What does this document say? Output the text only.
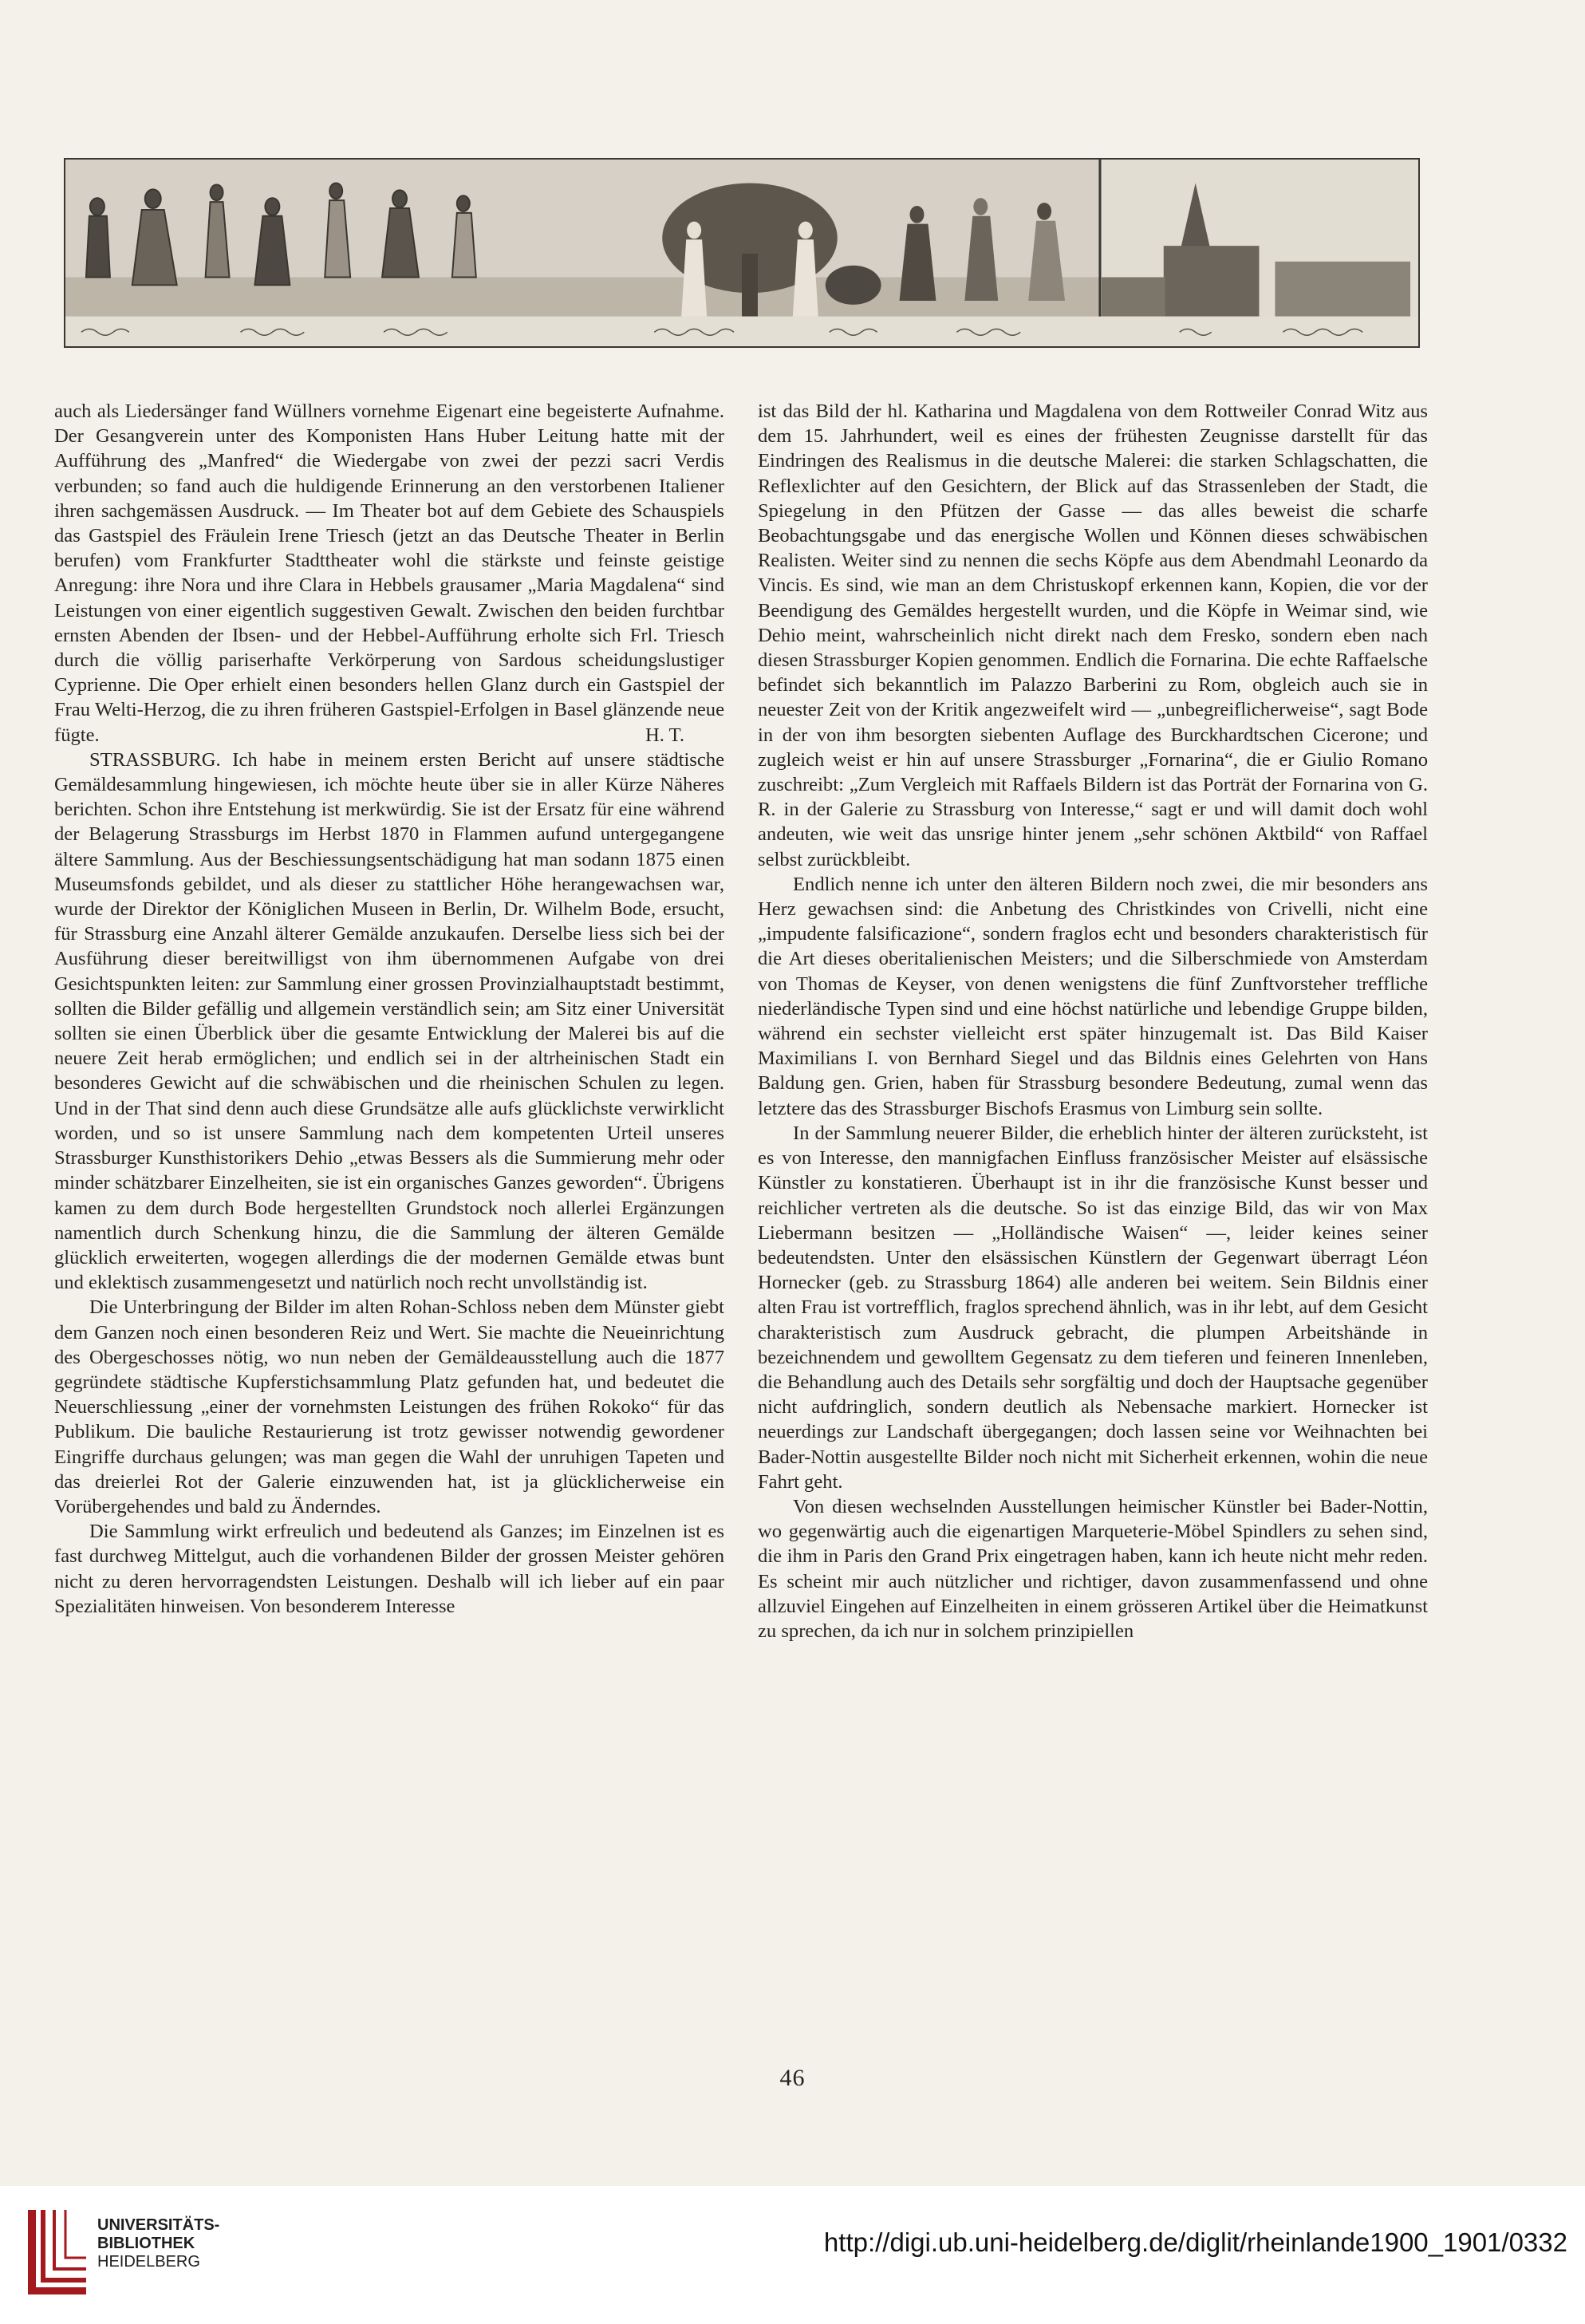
auch als Liedersänger fand Wüllners vornehme Eigenart eine begeisterte Aufnahme. Der Gesangverein unter des Komponisten Hans Huber Leitung hatte mit der Aufführung des „Manfred“ die Wiedergabe von zwei der pezzi sacri Verdis verbunden; so fand auch die huldigende Erinnerung an den verstorbenen Italiener ihren sachgemässen Ausdruck. — Im Theater bot auf dem Gebiete des Schauspiels das Gastspiel des Fräulein Irene Triesch (jetzt an das Deutsche Theater in Berlin berufen) vom Frankfurter Stadttheater wohl die stärkste und feinste geistige Anregung: ihre Nora und ihre Clara in Hebbels grausamer „Maria Magdalena“ sind Leistungen von einer eigentlich suggestiven Gewalt. Zwischen den beiden furchtbar ernsten Abenden der Ibsen- und der Hebbel-Aufführung erholte sich Frl. Triesch durch die völlig pariserhafte Verkörperung von Sardous scheidungslustiger Cyprienne. Die Oper erhielt einen besonders hellen Glanz durch ein Gastspiel der Frau Welti-Herzog, die zu ihren früheren Gastspiel-Erfolgen in Basel glänzende neue fügte.	H. T.

STRASSBURG. Ich habe in meinem ersten Bericht auf unsere städtische Gemäldesammlung hingewiesen, ich möchte heute über sie in aller Kürze Näheres berichten. Schon ihre Entstehung ist merkwürdig. Sie ist der Ersatz für eine während der Belagerung Strassburgs im Herbst 1870 in Flammen aufund untergegangene ältere Sammlung. Aus der Beschiessungsentschädigung hat man sodann 1875 einen Museumsfonds gebildet, und als dieser zu stattlicher Höhe herangewachsen war, wurde der Direktor der Königlichen Museen in Berlin, Dr. Wilhelm Bode, ersucht, für Strassburg eine Anzahl älterer Gemälde anzukaufen. Derselbe liess sich bei der Ausführung dieser bereitwilligst von ihm übernommenen Aufgabe von drei Gesichtspunkten leiten: zur Sammlung einer grossen Provinzialhauptstadt bestimmt, sollten die Bilder gefällig und allgemein verständlich sein; am Sitz einer Universität sollten sie einen Überblick über die gesamte Entwicklung der Malerei bis auf die neuere Zeit herab ermöglichen; und endlich sei in der altrheinischen Stadt ein besonderes Gewicht auf die schwäbischen und die rheinischen Schulen zu legen. Und in der That sind denn auch diese Grundsätze alle aufs glücklichste verwirklicht worden, und so ist unsere Sammlung nach dem kompetenten Urteil unseres Strassburger Kunsthistorikers Dehio „etwas Bessers als die Summierung mehr oder minder schätzbarer Einzelheiten, sie ist ein organisches Ganzes geworden“. Übrigens kamen zu dem durch Bode hergestellten Grundstock noch allerlei Ergänzungen namentlich durch Schenkung hinzu, die die Sammlung der älteren Gemälde glücklich erweiterten, wogegen allerdings die der modernen Gemälde etwas bunt und eklektisch zusammengesetzt und natürlich noch recht unvollständig ist.

Die Unterbringung der Bilder im alten Rohan-Schloss neben dem Münster giebt dem Ganzen noch einen besonderen Reiz und Wert. Sie machte die Neueinrichtung des Obergeschosses nötig, wo nun neben der Gemäldeausstellung auch die 1877 gegründete städtische Kupferstichsammlung Platz gefunden hat, und bedeutet die Neuerschliessung „einer der vornehmsten Leistungen des frühen Rokoko“ für das Publikum. Die bauliche Restaurierung ist trotz gewisser notwendig gewordener Eingriffe durchaus gelungen; was man gegen die Wahl der unruhigen Tapeten und das dreierlei Rot der Galerie einzuwenden hat, ist ja glücklicherweise ein Vorübergehendes und bald zu Änderndes.

Die Sammlung wirkt erfreulich und bedeutend als Ganzes; im Einzelnen ist es fast durchweg Mittelgut, auch die vorhandenen Bilder der grossen Meister gehören nicht zu deren hervorragendsten Leistungen. Deshalb will ich lieber auf ein paar Spezialitäten hinweisen. Von besonderem Interesse

ist das Bild der hl. Katharina und Magdalena von dem Rottweiler Conrad Witz aus dem 15. Jahrhundert, weil es eines der frühesten Zeugnisse darstellt für das Eindringen des Realismus in die deutsche Malerei: die starken Schlagschatten, die Reflexlichter auf den Gesichtern, der Blick auf das Strassenleben der Stadt, die Spiegelung in den Pfützen der Gasse — das alles beweist die scharfe Beobachtungsgabe und das energische Wollen und Können dieses schwäbischen Realisten. Weiter sind zu nennen die sechs Köpfe aus dem Abendmahl Leonardo da Vincis. Es sind, wie man an dem Christuskopf erkennen kann, Kopien, die vor der Beendigung des Gemäldes hergestellt wurden, und die Köpfe in Weimar sind, wie Dehio meint, wahrscheinlich nicht direkt nach dem Fresko, sondern eben nach diesen Strassburger Kopien genommen. Endlich die Fornarina. Die echte Raffaelsche befindet sich bekanntlich im Palazzo Barberini zu Rom, obgleich auch sie in neuester Zeit von der Kritik angezweifelt wird — „unbegreiflicherweise“, sagt Bode in der von ihm besorgten siebenten Auflage des Burckhardtschen Cicerone; und zugleich weist er hin auf unsere Strassburger „Fornarina“, die er Giulio Romano zuschreibt: „Zum Vergleich mit Raffaels Bildern ist das Porträt der Fornarina von G. R. in der Galerie zu Strassburg von Interesse,“ sagt er und will damit doch wohl andeuten, wie weit das unsrige hinter jenem „sehr schönen Aktbild“ von Raffael selbst zurückbleibt.

Endlich nenne ich unter den älteren Bildern noch zwei, die mir besonders ans Herz gewachsen sind: die Anbetung des Christkindes von Crivelli, nicht eine „impudente falsificazione“, sondern fraglos echt und besonders charakteristisch für die Art dieses oberitalienischen Meisters; und die Silberschmiede von Amsterdam von Thomas de Keyser, von denen wenigstens die fünf Zunftvorsteher treffliche niederländische Typen sind und eine höchst natürliche und lebendige Gruppe bilden, während ein sechster vielleicht erst später hinzugemalt ist. Das Bild Kaiser Maximilians I. von Bernhard Siegel und das Bildnis eines Gelehrten von Hans Baldung gen. Grien, haben für Strassburg besondere Bedeutung, zumal wenn das letztere das des Strassburger Bischofs Erasmus von Limburg sein sollte.

In der Sammlung neuerer Bilder, die erheblich hinter der älteren zurücksteht, ist es von Interesse, den mannigfachen Einfluss französischer Meister auf elsässische Künstler zu konstatieren. Überhaupt ist in ihr die französische Kunst besser und reichlicher vertreten als die deutsche. So ist das einzige Bild, das wir von Max Liebermann besitzen — „Holländische Waisen“ —, leider keines seiner bedeutendsten. Unter den elsässischen Künstlern der Gegenwart überragt Léon Hornecker (geb. zu Strassburg 1864) alle anderen bei weitem. Sein Bildnis einer alten Frau ist vortrefflich, fraglos sprechend ähnlich, was in ihr lebt, auf dem Gesicht charakteristisch zum Ausdruck gebracht, die plumpen Arbeitshände in bezeichnendem und gewolltem Gegensatz zu dem tieferen und feineren Innenleben, die Behandlung auch des Details sehr sorgfältig und doch der Hauptsache gegenüber nicht aufdringlich, sondern deutlich als Nebensache markiert. Hornecker ist neuerdings zur Landschaft übergegangen; doch lassen seine vor Weihnachten bei Bader-Nottin ausgestellte Bilder noch nicht mit Sicherheit erkennen, wohin die neue Fahrt geht.

Von diesen wechselnden Ausstellungen heimischer Künstler bei Bader-Nottin, wo gegenwärtig auch die eigenartigen Marqueterie-Möbel Spindlers zu sehen sind, die ihm in Paris den Grand Prix eingetragen haben, kann ich heute nicht mehr reden. Es scheint mir auch nützlicher und richtiger, davon zusammenfassend und ohne allzuviel Eingehen auf Einzelheiten in einem grösseren Artikel über die Heimatkunst zu sprechen, da ich nur in solchem prinzipiellen

46
UNIVERSITÄTS-
BIBLIOTHEK
HEIDELBERG
http://digi.ub.uni-heidelberg.de/diglit/rheinlande1900_1901/0332
